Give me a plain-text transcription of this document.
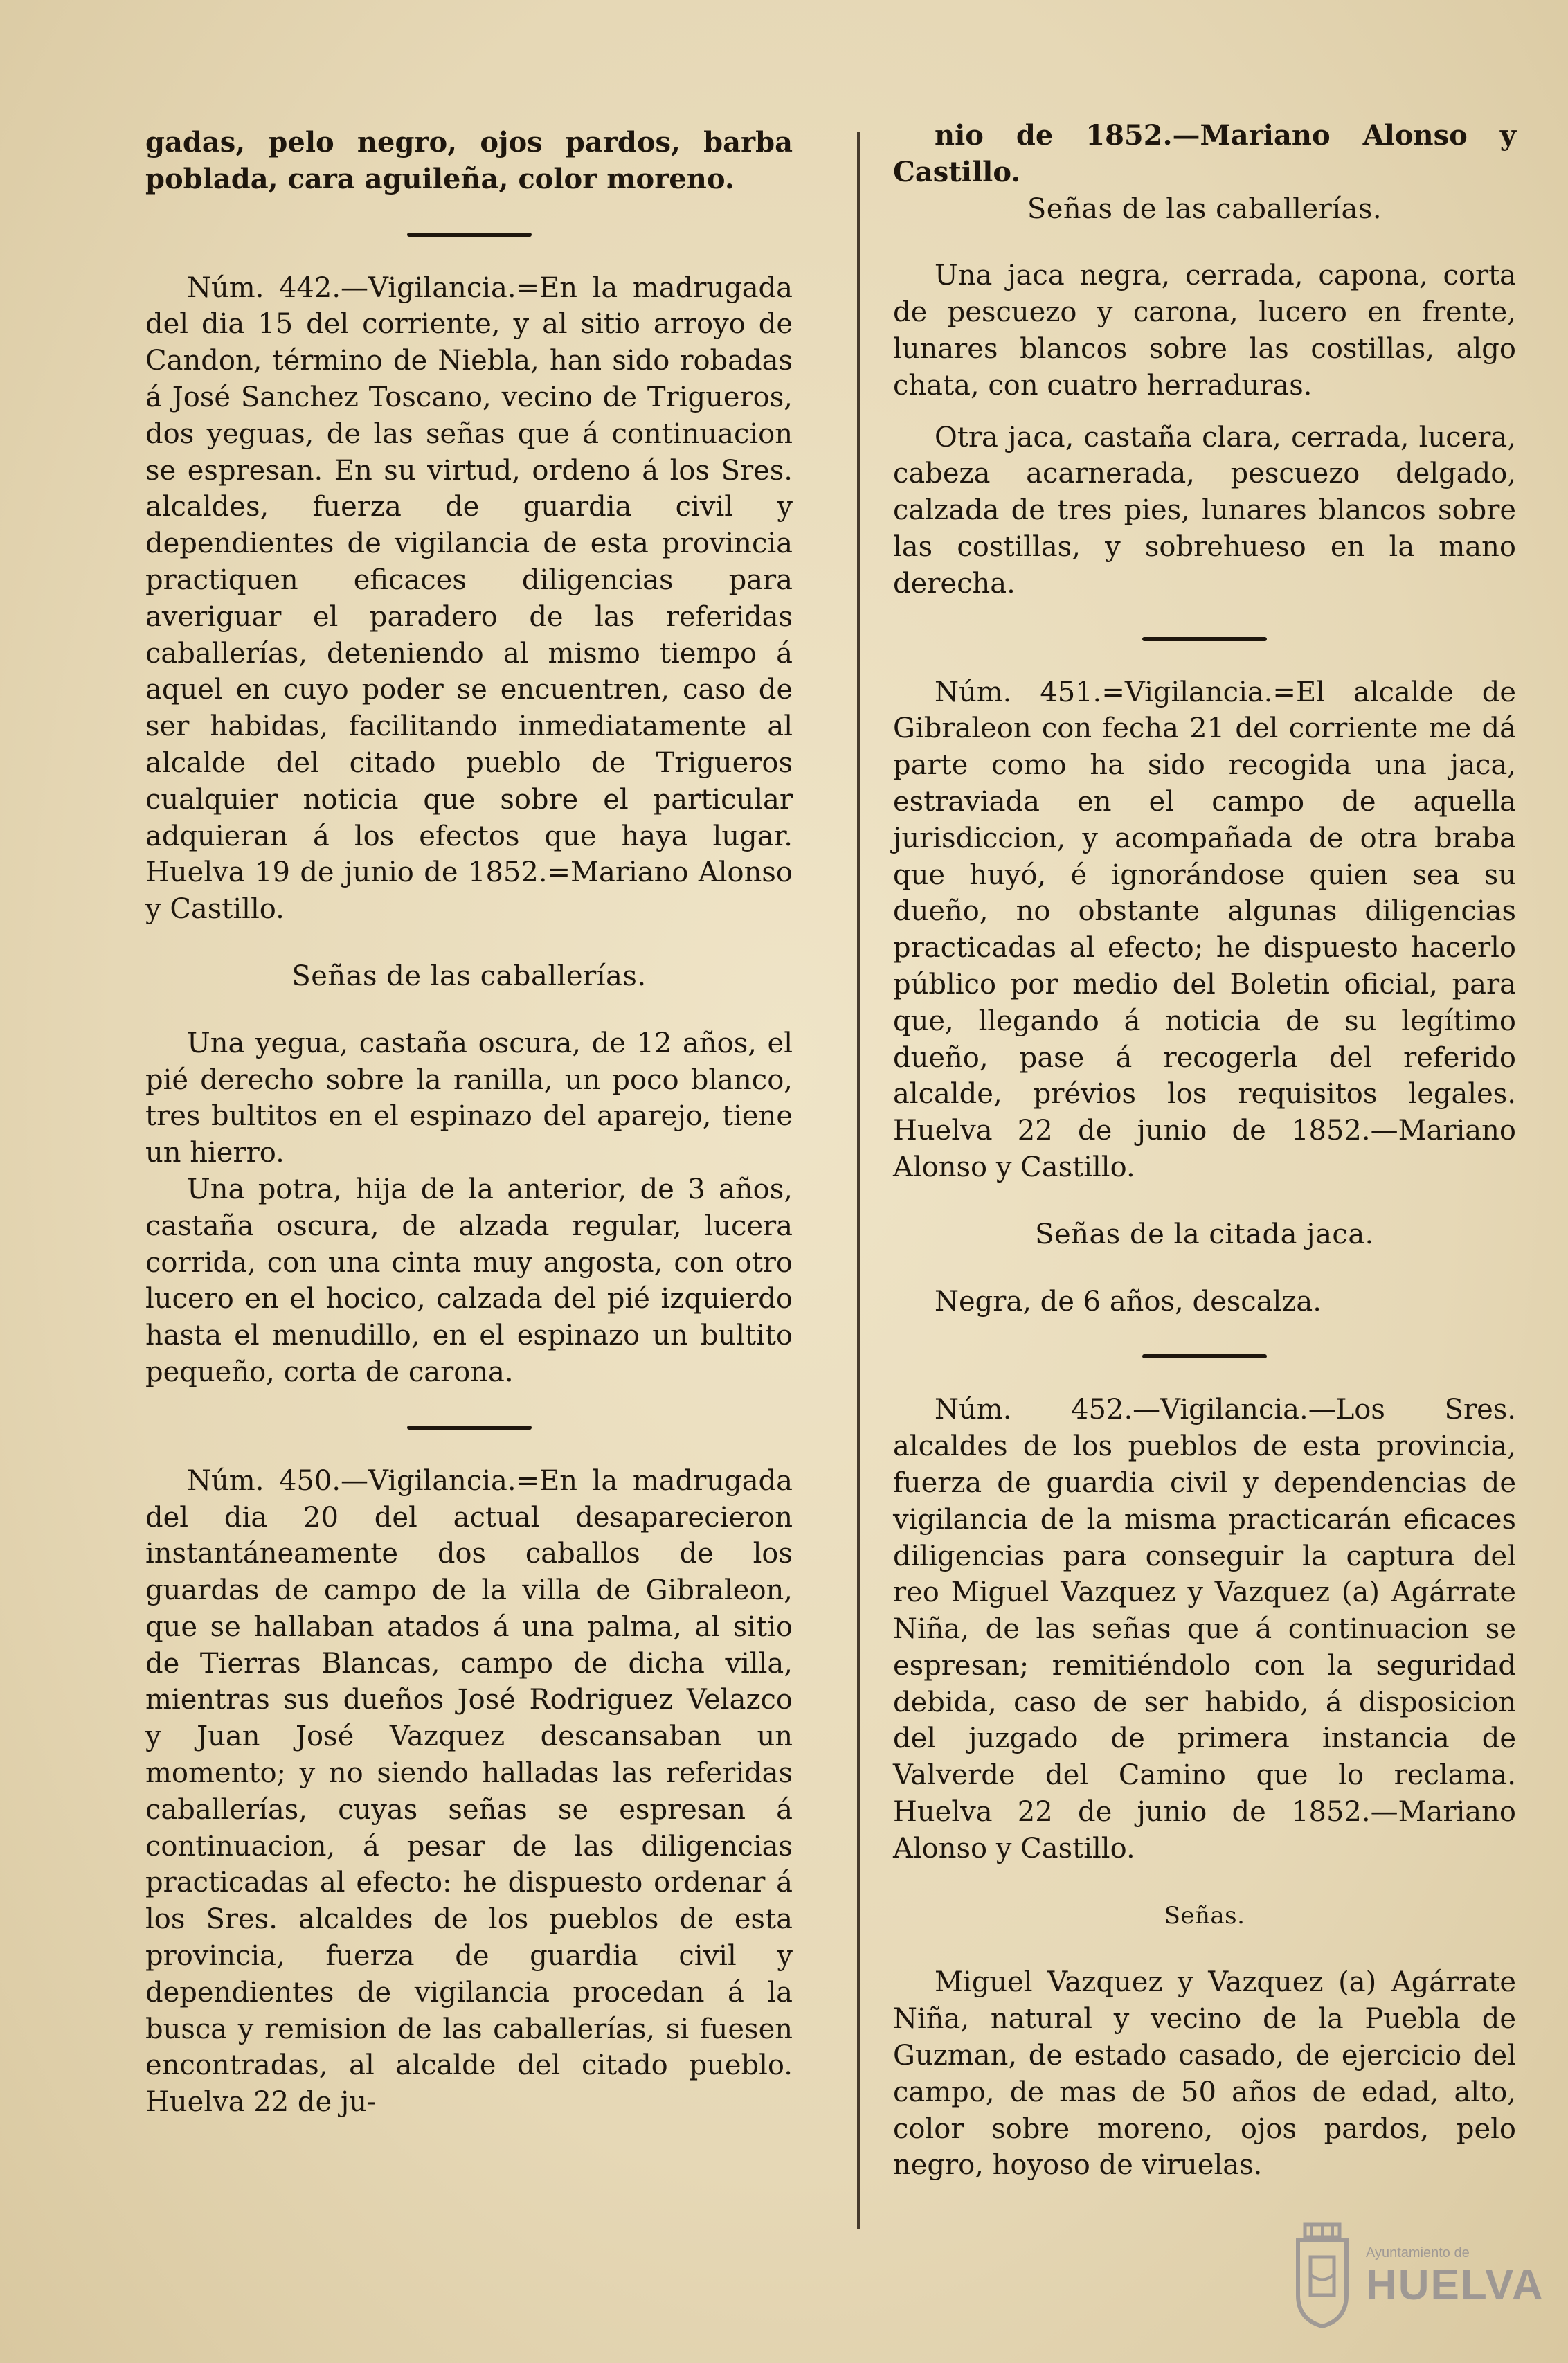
gadas, pelo negro, ojos pardos, barba poblada, cara aguileña, color moreno.

Núm. 442.—Vigilancia.=En la madrugada del dia 15 del corriente, y al sitio arroyo de Candon, término de Niebla, han sido robadas á José Sanchez Toscano, vecino de Trigueros, dos yeguas, de las señas que á continuacion se espresan. En su virtud, ordeno á los Sres. alcaldes, fuerza de guardia civil y dependientes de vigilancia de esta provincia practiquen eficaces diligencias para averiguar el paradero de las referidas caballerías, deteniendo al mismo tiempo á aquel en cuyo poder se encuentren, caso de ser habidas, facilitando inmediatamente al alcalde del citado pueblo de Trigueros cualquier noticia que sobre el particular adquieran á los efectos que haya lugar. Huelva 19 de junio de 1852.=Mariano Alonso y Castillo.

Señas de las caballerías.

Una yegua, castaña oscura, de 12 años, el pié derecho sobre la ranilla, un poco blanco, tres bultitos en el espinazo del aparejo, tiene un hierro.

Una potra, hija de la anterior, de 3 años, castaña oscura, de alzada regular, lucera corrida, con una cinta muy angosta, con otro lucero en el hocico, calzada del pié izquierdo hasta el menudillo, en el espinazo un bultito pequeño, corta de carona.

Núm. 450.—Vigilancia.=En la madrugada del dia 20 del actual desaparecieron instantáneamente dos caballos de los guardas de campo de la villa de Gibraleon, que se hallaban atados á una palma, al sitio de Tierras Blancas, campo de dicha villa, mientras sus dueños José Rodriguez Velazco y Juan José Vazquez descansaban un momento; y no siendo halladas las referidas caballerías, cuyas señas se espresan á continuacion, á pesar de las diligencias practicadas al efecto: he dispuesto ordenar á los Sres. alcaldes de los pueblos de esta provincia, fuerza de guardia civil y dependientes de vigilancia procedan á la busca y remision de las caballerías, si fuesen encontradas, al alcalde del citado pueblo. Huelva 22 de ju-

nio de 1852.—Mariano Alonso y Castillo.

Señas de las caballerías.

Una jaca negra, cerrada, capona, corta de pescuezo y carona, lucero en frente, lunares blancos sobre las costillas, algo chata, con cuatro herraduras.

Otra jaca, castaña clara, cerrada, lucera, cabeza acarnerada, pescuezo delgado, calzada de tres pies, lunares blancos sobre las costillas, y sobrehueso en la mano derecha.

Núm. 451.=Vigilancia.=El alcalde de Gibraleon con fecha 21 del corriente me dá parte como ha sido recogida una jaca, estraviada en el campo de aquella jurisdiccion, y acompañada de otra braba que huyó, é ignorándose quien sea su dueño, no obstante algunas diligencias practicadas al efecto; he dispuesto hacerlo público por medio del Boletin oficial, para que, llegando á noticia de su legítimo dueño, pase á recogerla del referido alcalde, prévios los requisitos legales. Huelva 22 de junio de 1852.—Mariano Alonso y Castillo.

Señas de la citada jaca.

Negra, de 6 años, descalza.

Núm. 452.—Vigilancia.—Los Sres. alcaldes de los pueblos de esta provincia, fuerza de guardia civil y dependencias de vigilancia de la misma practicarán eficaces diligencias para conseguir la captura del reo Miguel Vazquez y Vazquez (a) Agárrate Niña, de las señas que á continuacion se espresan; remitiéndolo con la seguridad debida, caso de ser habido, á disposicion del juzgado de primera instancia de Valverde del Camino que lo reclama. Huelva 22 de junio de 1852.—Mariano Alonso y Castillo.

Señas.

Miguel Vazquez y Vazquez (a) Agárrate Niña, natural y vecino de la Puebla de Guzman, de estado casado, de ejercicio del campo, de mas de 50 años de edad, alto, color sobre moreno, ojos pardos, pelo negro, hoyoso de viruelas.

Ayuntamiento de
HUELVA
